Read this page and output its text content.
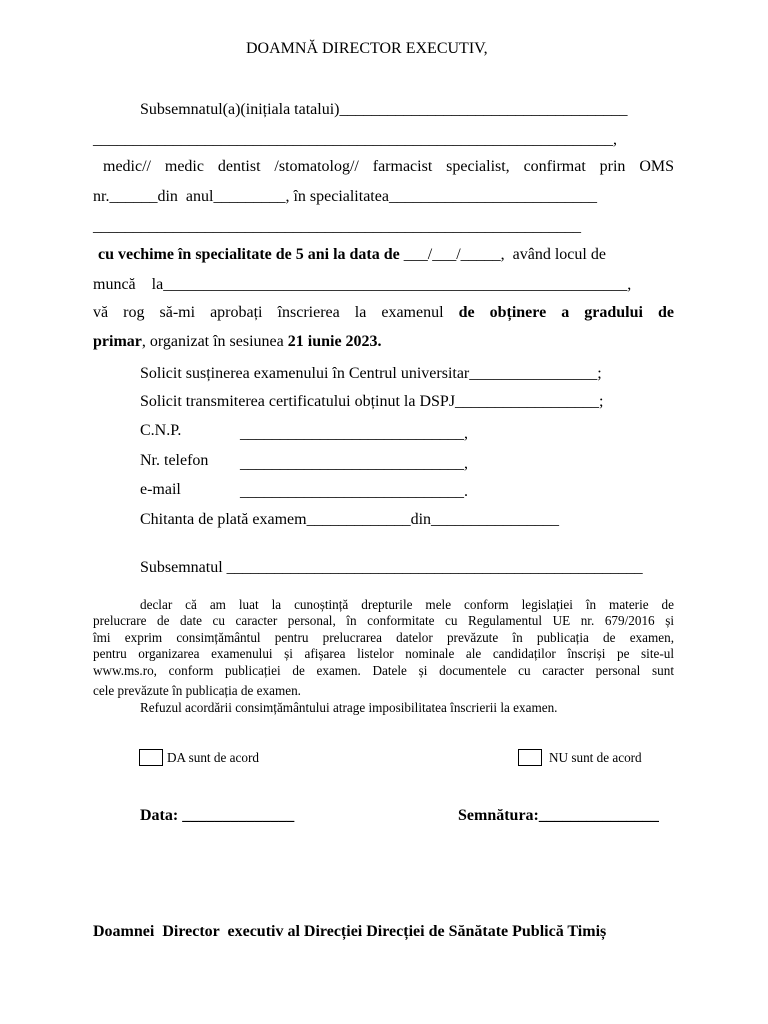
DOAMNĂ DIRECTOR EXECUTIV,
Subsemnatul(a)(inițiala tatalui)____________________________________
_________________________________________________________________,
medic// medic dentist /stomatolog// farmacist specialist, confirmat prin OMS
nr.______din  anul_________, în specialitatea__________________________
_____________________________________________________________
cu vechime în specialitate de 5 ani la data de ___/___/_____,  având locul de
muncă    la__________________________________________________________,
vă rog să-mi aprobați înscrierea la examenul de obținere a gradului de
primar, organizat în sesiunea 21 iunie 2023.
Solicit susținerea examenului în Centrul universitar________________;
Solicit transmiterea certificatului obținut la DSPJ__________________;
C.N.P.	____________________________,
Nr. telefon ____________________________,
e-mail	____________________________.
Chitanta de plată examem_____________din________________
Subsemnatul ____________________________________________________
declar că am luat la cunoștință drepturile mele conform legislației în materie de
prelucrare de date cu caracter personal, în conformitate cu Regulamentul UE nr. 679/2016 și
îmi exprim consimțământul pentru prelucrarea datelor prevăzute în publicația de examen,
pentru organizarea examenului și afișarea listelor nominale ale candidaților înscriși pe site-ul
www.ms.ro, conform publicației de examen. Datele și documentele cu caracter personal sunt
cele prevăzute în publicația de examen.
Refuzul acordării consimțământului atrage imposibilitatea înscrierii la examen.
DA sunt de acord	NU sunt de acord
Data: ______________	Semnătura:_______________
Doamnei  Director  executiv al Direcției Direcției de Sănătate Publică Timiș
